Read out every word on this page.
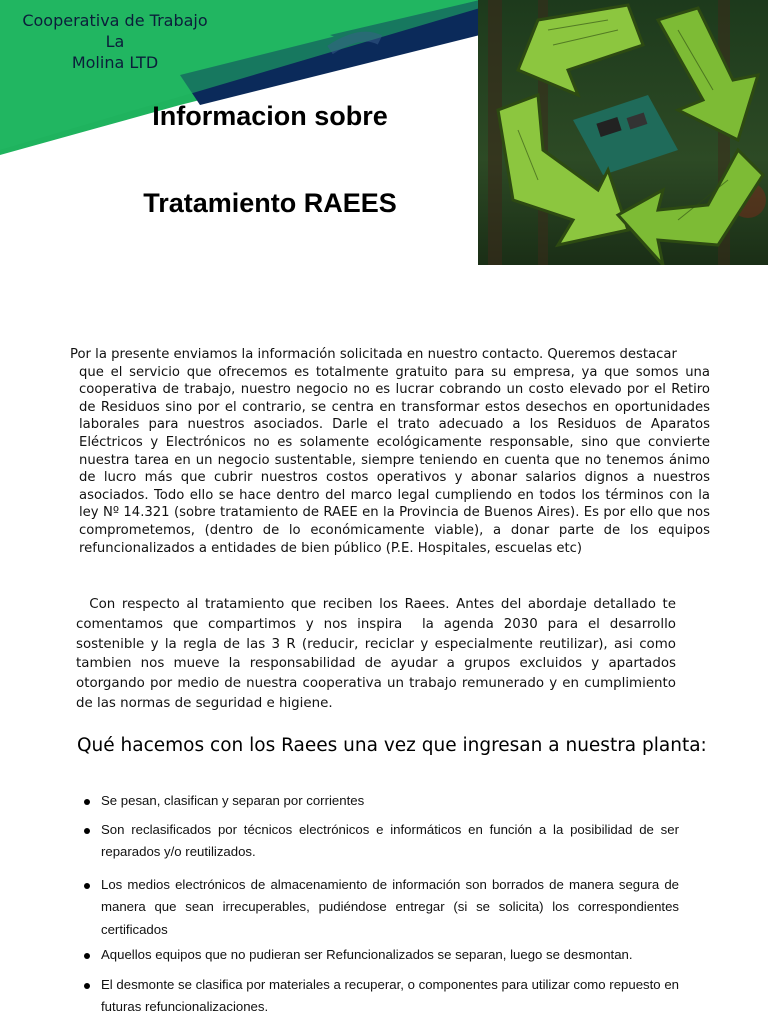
Cooperativa de Trabajo
La
Molina LTD
Informacion sobre
Tratamiento RAEES
Por la presente enviamos la información solicitada en nuestro contacto. Queremos destacar
que el servicio que ofrecemos es totalmente gratuito para su empresa, ya que somos una cooperativa de trabajo, nuestro negocio no es lucrar cobrando un costo elevado por el Retiro de Residuos sino por el contrario, se centra en transformar estos desechos en oportunidades laborales para nuestros asociados. Darle el trato adecuado a los Residuos de Aparatos Eléctricos y Electrónicos no es solamente ecológicamente responsable, sino que convierte nuestra tarea en un negocio sustentable, siempre teniendo en cuenta que no tenemos ánimo de lucro más que cubrir nuestros costos operativos y abonar salarios dignos a nuestros asociados. Todo ello se hace dentro del marco legal cumpliendo en todos los términos con la ley Nº 14.321 (sobre tratamiento de RAEE en la Provincia de Buenos Aires). Es por ello que nos comprometemos, (dentro de lo económicamente viable), a donar parte de los equipos refuncionalizados a entidades de bien público (P.E. Hospitales, escuelas etc)
Con respecto al tratamiento que reciben los Raees. Antes del abordaje detallado te comentamos que compartimos y nos inspira  la agenda 2030 para el desarrollo sostenible y la regla de las 3 R (reducir, reciclar y especialmente reutilizar), asi como tambien nos mueve la responsabilidad de ayudar a grupos excluidos y apartados otorgando por medio de nuestra cooperativa un trabajo remunerado y en cumplimiento de las normas de seguridad e higiene.
Qué hacemos con los Raees una vez que ingresan a nuestra planta:
Se pesan, clasifican y separan por corrientes
Son reclasificados por técnicos electrónicos e informáticos en función a la posibilidad de ser reparados y/o reutilizados.
Los medios electrónicos de almacenamiento de información son borrados de manera segura de manera que sean irrecuperables, pudiéndose entregar (si se solicita) los correspondientes certificados
Aquellos equipos que no pudieran ser Refuncionalizados se separan, luego se desmontan.
El desmonte se clasifica por materiales a recuperar, o componentes para utilizar como repuesto en futuras refuncionalizaciones.
